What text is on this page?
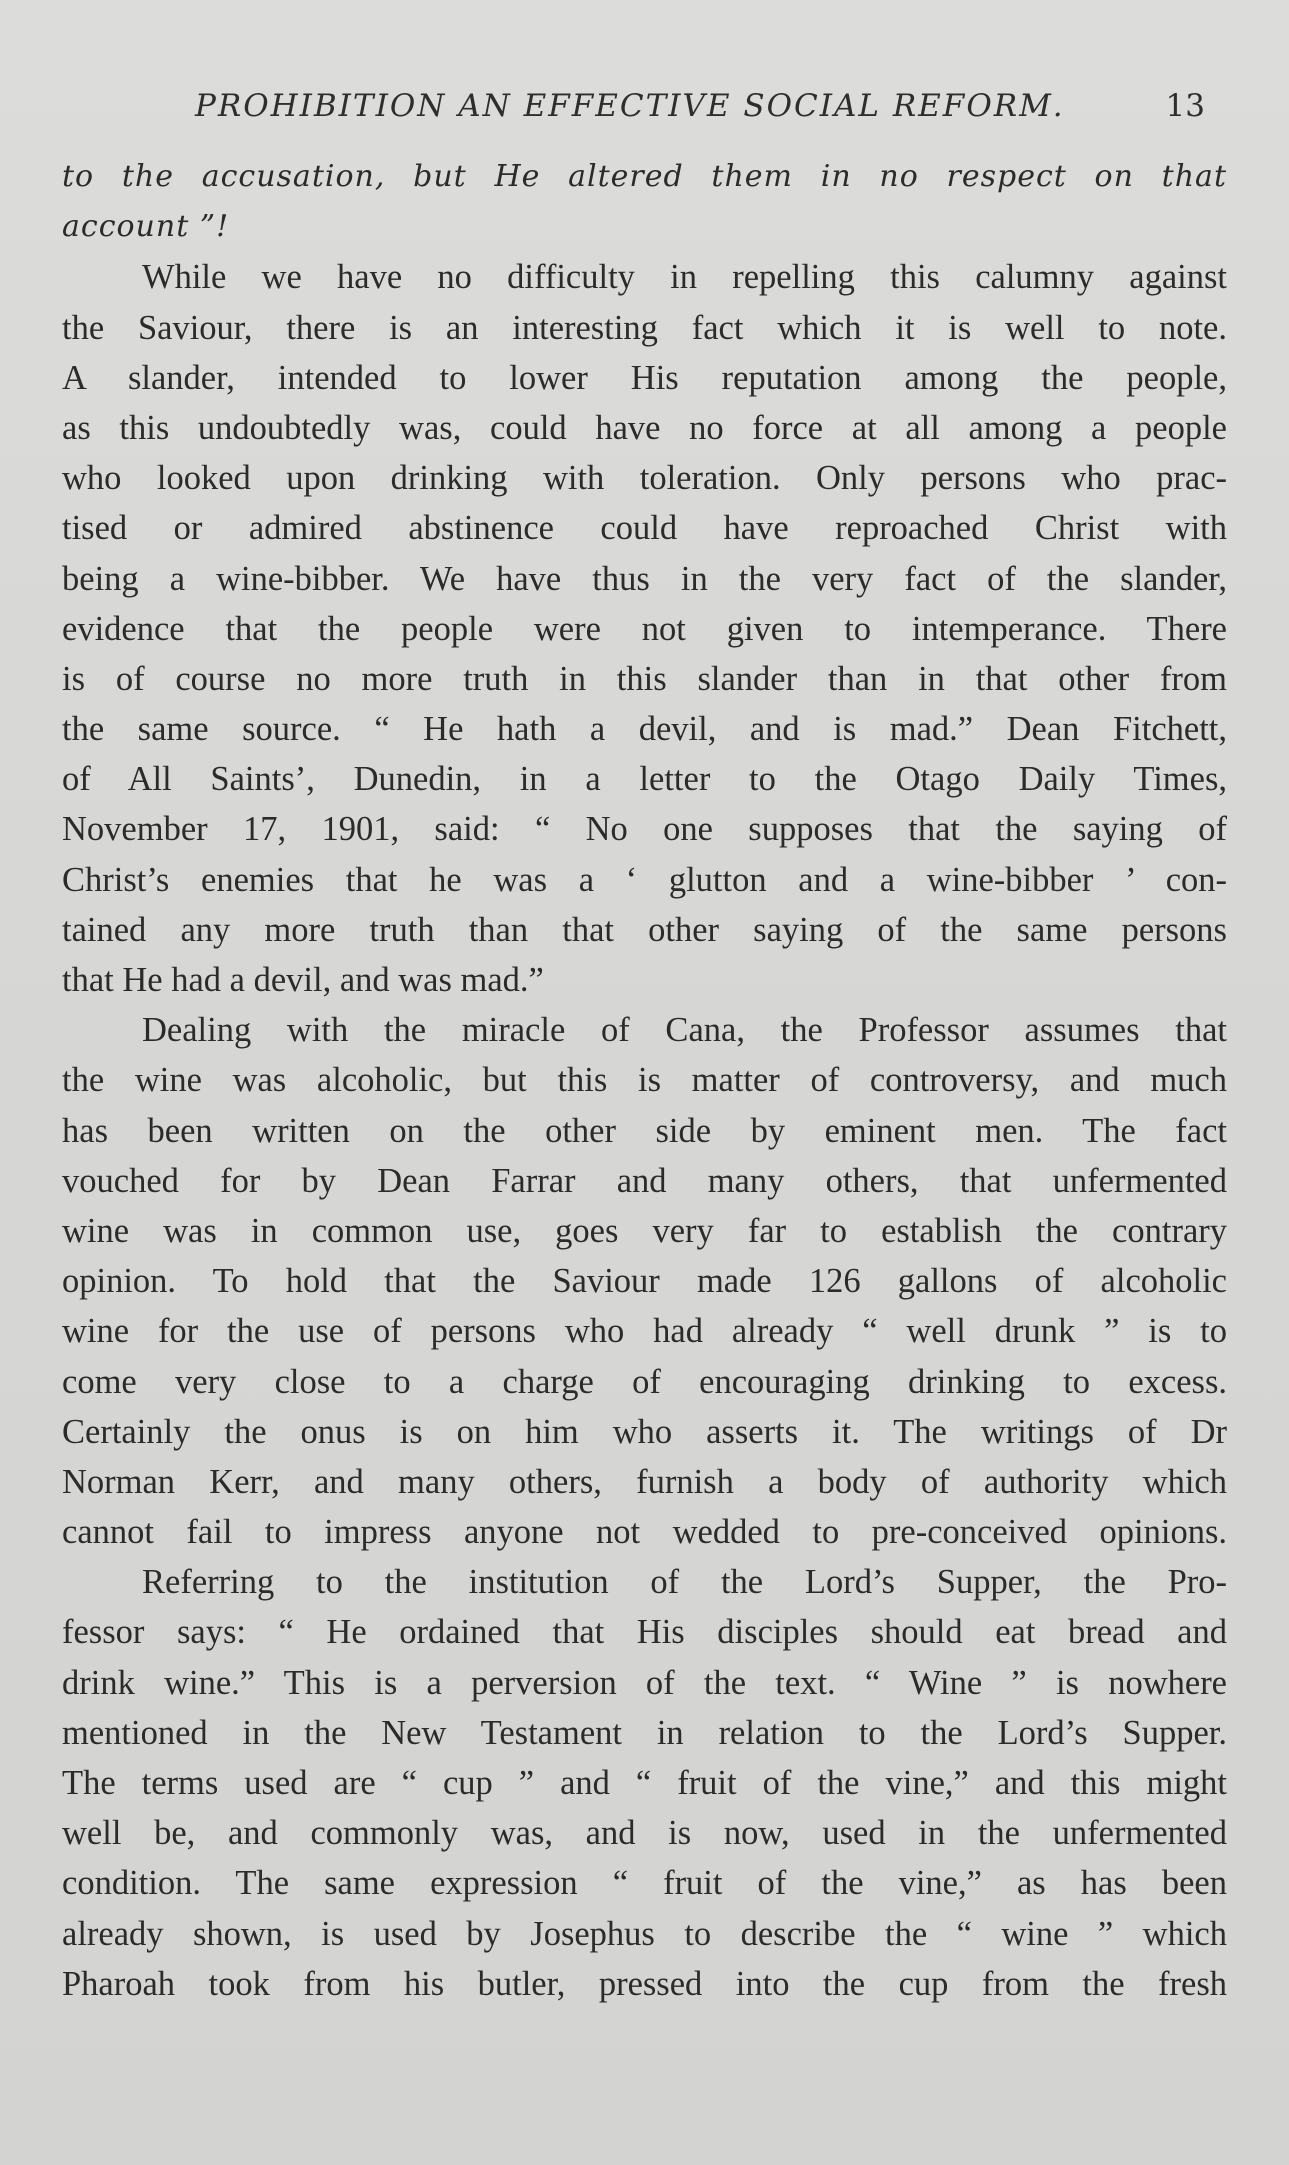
PROHIBITION AN EFFECTIVE SOCIAL REFORM.	13
to the accusation, but He altered them in no respect on that
account ”!
While we have no difficulty in repelling this calumny against
the Saviour, there is an interesting fact which it is well to note.
A slander, intended to lower His reputation among the people,
as this undoubtedly was, could have no force at all among a people
who looked upon drinking with toleration. Only persons who prac-
tised or admired abstinence could have reproached Christ with
being a wine-bibber. We have thus in the very fact of the slander,
evidence that the people were not given to intemperance. There
is of course no more truth in this slander than in that other from
the same source. “ He hath a devil, and is mad.” Dean Fitchett,
of All Saints’, Dunedin, in a letter to the Otago Daily Times,
November 17, 1901, said: “ No one supposes that the saying of
Christ’s enemies that he was a ‘ glutton and a wine-bibber ’ con-
tained any more truth than that other saying of the same persons
that He had a devil, and was mad.”
Dealing with the miracle of Cana, the Professor assumes that
the wine was alcoholic, but this is matter of controversy, and much
has been written on the other side by eminent men. The fact
vouched for by Dean Farrar and many others, that unfermented
wine was in common use, goes very far to establish the contrary
opinion. To hold that the Saviour made 126 gallons of alcoholic
wine for the use of persons who had already “ well drunk ” is to
come very close to a charge of encouraging drinking to excess.
Certainly the onus is on him who asserts it. The writings of Dr
Norman Kerr, and many others, furnish a body of authority which
cannot fail to impress anyone not wedded to pre-conceived opinions.
Referring to the institution of the Lord’s Supper, the Pro-
fessor says: “ He ordained that His disciples should eat bread and
drink wine.” This is a perversion of the text. “ Wine ” is nowhere
mentioned in the New Testament in relation to the Lord’s Supper.
The terms used are “ cup ” and “ fruit of the vine,” and this might
well be, and commonly was, and is now, used in the unfermented
condition. The same expression “ fruit of the vine,” as has been
already shown, is used by Josephus to describe the “ wine ” which
Pharoah took from his butler, pressed into the cup from the fresh
